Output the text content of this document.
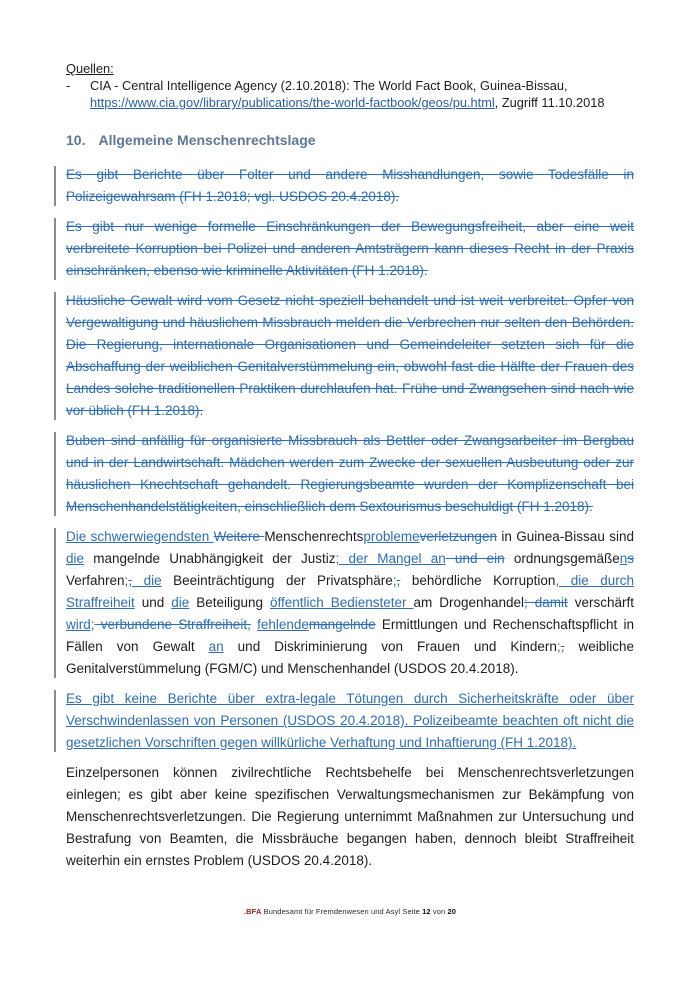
Quellen:
-	CIA - Central Intelligence Agency (2.10.2018): The World Fact Book, Guinea-Bissau,
https://www.cia.gov/library/publications/the-world-factbook/geos/pu.html, Zugriff 11.10.2018
10. Allgemeine Menschenrechtslage
Es gibt Berichte über Folter und andere Misshandlungen, sowie Todesfälle in Polizeigewahrsam (FH 1.2018; vgl. USDOS 20.4.2018).
Es gibt nur wenige formelle Einschränkungen der Bewegungsfreiheit, aber eine weit verbreitete Korruption bei Polizei und anderen Amtsträgern kann dieses Recht in der Praxis einschränken, ebenso wie kriminelle Aktivitäten (FH 1.2018).
Häusliche Gewalt wird vom Gesetz nicht speziell behandelt und ist weit verbreitet. Opfer von Vergewaltigung und häuslichem Missbrauch melden die Verbrechen nur selten den Behörden. Die Regierung, internationale Organisationen und Gemeindeleiter setzten sich für die Abschaffung der weiblichen Genitalverstümmelung ein, obwohl fast die Hälfte der Frauen des Landes solche traditionellen Praktiken durchlaufen hat. Frühe und Zwangsehen sind nach wie vor üblich (FH 1.2018).
Buben sind anfällig für organisierte Missbrauch als Bettler oder Zwangsarbeiter im Bergbau und in der Landwirtschaft. Mädchen werden zum Zwecke der sexuellen Ausbeutung oder zur häuslichen Knechtschaft gehandelt. Regierungsbeamte wurden der Komplizenschaft bei Menschenhandelstätigkeiten, einschließlich dem Sextourismus beschuldigt (FH 1.2018).
Die schwerwiegendsten Weitere Menschenrechtsproblemeverletzungen in Guinea-Bissau sind die mangelnde Unabhängigkeit der Justiz; der Mangel an und ein ordnungsgemäßens Verfahren;, die Beeinträchtigung der Privatsphäre;, behördliche Korruption, die durch Straffreiheit und die Beteiligung öffentlich Bediensteter am Drogenhandel; damit verschärft wird; verbundene Straffreiheit, fehlendemangelnde Ermittlungen und Rechenschaftspflicht in Fällen von Gewalt an und Diskriminierung von Frauen und Kindern;, weibliche Genitalverstümmelung (FGM/C) und Menschenhandel (USDOS 20.4.2018).
Es gibt keine Berichte über extra-legale Tötungen durch Sicherheitskräfte oder über Verschwindenlassen von Personen (USDOS 20.4.2018). Polizeibeamte beachten oft nicht die gesetzlichen Vorschriften gegen willkürliche Verhaftung und Inhaftierung (FH 1.2018).
Einzelpersonen können zivilrechtliche Rechtsbehelfe bei Menschenrechtsverletzungen einlegen; es gibt aber keine spezifischen Verwaltungsmechanismen zur Bekämpfung von Menschenrechtsverletzungen. Die Regierung unternimmt Maßnahmen zur Untersuchung und Bestrafung von Beamten, die Missbräuche begangen haben, dennoch bleibt Straffreiheit weiterhin ein ernstes Problem (USDOS 20.4.2018).
.BFA Bundesamt für Fremdenwesen und Asyl Seite 12 von 20
